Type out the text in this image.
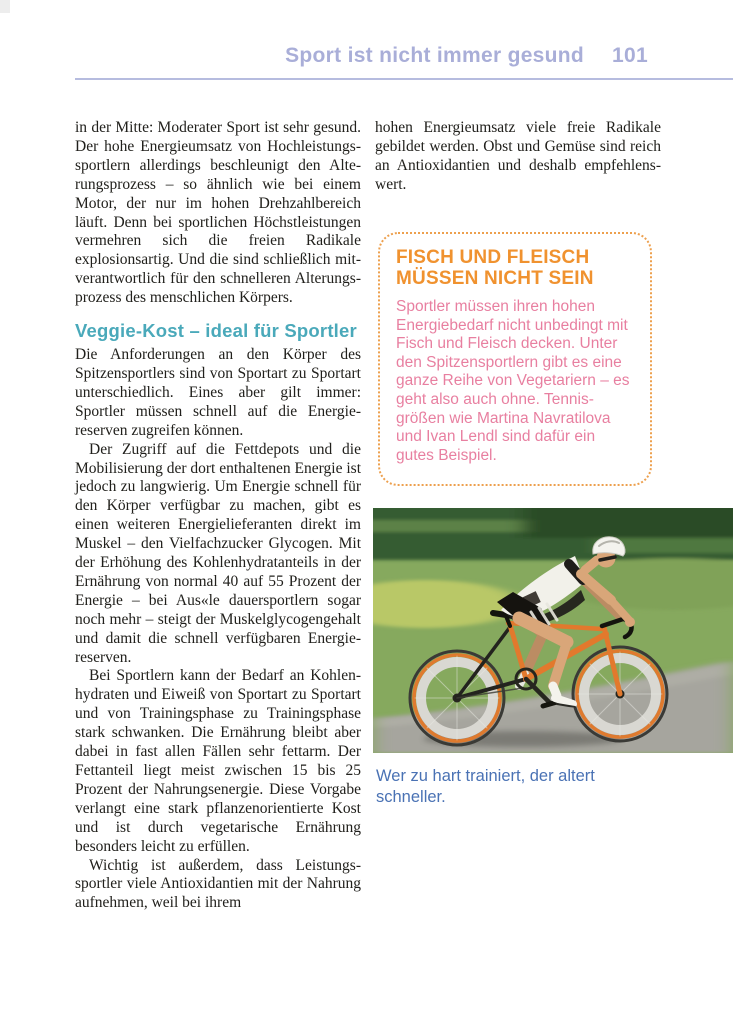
Sport ist nicht immer gesund 101

in der Mitte: Moderater Sport ist sehr gesund. Der hohe Energieumsatz von Hochleistungssportlern allerdings beschleunigt den Alterungsprozess – so ähnlich wie bei einem Motor, der nur im hohen Drehzahlbereich läuft. Denn bei sportlichen Höchstleistungen vermehren sich die freien Radikale explosionsartig. Und die sind schließlich mitverantwortlich für den schnelleren Alterungsprozess des menschlichen Körpers.

Veggie-Kost – ideal für Sportler

Die Anforderungen an den Körper des Spitzensportlers sind von Sportart zu Sportart unterschiedlich. Eines aber gilt immer: Sportler müssen schnell auf die Energiereserven zugreifen können.

Der Zugriff auf die Fettdepots und die Mobilisierung der dort enthaltenen Energie ist jedoch zu langwierig. Um Energie schnell für den Körper verfügbar zu machen, gibt es einen weiteren Energielieferanten direkt im Muskel – den Vielfachzucker Glycogen. Mit der Erhöhung des Kohlenhydratanteils in der Ernährung von normal 40 auf 55 Prozent der Energie – bei Aus«le dauersportlern sogar noch mehr – steigt der Muskelglycogengehalt und damit die schnell verfügbaren Energiereserven.

Bei Sportlern kann der Bedarf an Kohlenhydraten und Eiweiß von Sportart zu Sportart und von Trainingsphase zu Trainingsphase stark schwanken. Die Ernährung bleibt aber dabei in fast allen Fällen sehr fettarm. Der Fettanteil liegt meist zwischen 15 bis 25 Prozent der Nahrungsenergie. Diese Vorgabe verlangt eine stark pflanzenorientierte Kost und ist durch vegetarische Ernährung besonders leicht zu erfüllen.

Wichtig ist außerdem, dass Leistungssportler viele Antioxidantien mit der Nahrung aufnehmen, weil bei ihrem

hohen Energieumsatz viele freie Radikale gebildet werden. Obst und Gemüse sind reich an Antioxidantien und deshalb empfehlenswert.

FISCH UND FLEISCH MÜSSEN NICHT SEIN

Sportler müssen ihren hohen Energiebedarf nicht unbedingt mit Fisch und Fleisch decken. Unter den Spitzensportlern gibt es eine ganze Reihe von Vegetariern – es geht also auch ohne. Tennisgrößen wie Martina Navratilova und Ivan Lendl sind dafür ein gutes Beispiel.

Wer zu hart trainiert, der altert schneller.
